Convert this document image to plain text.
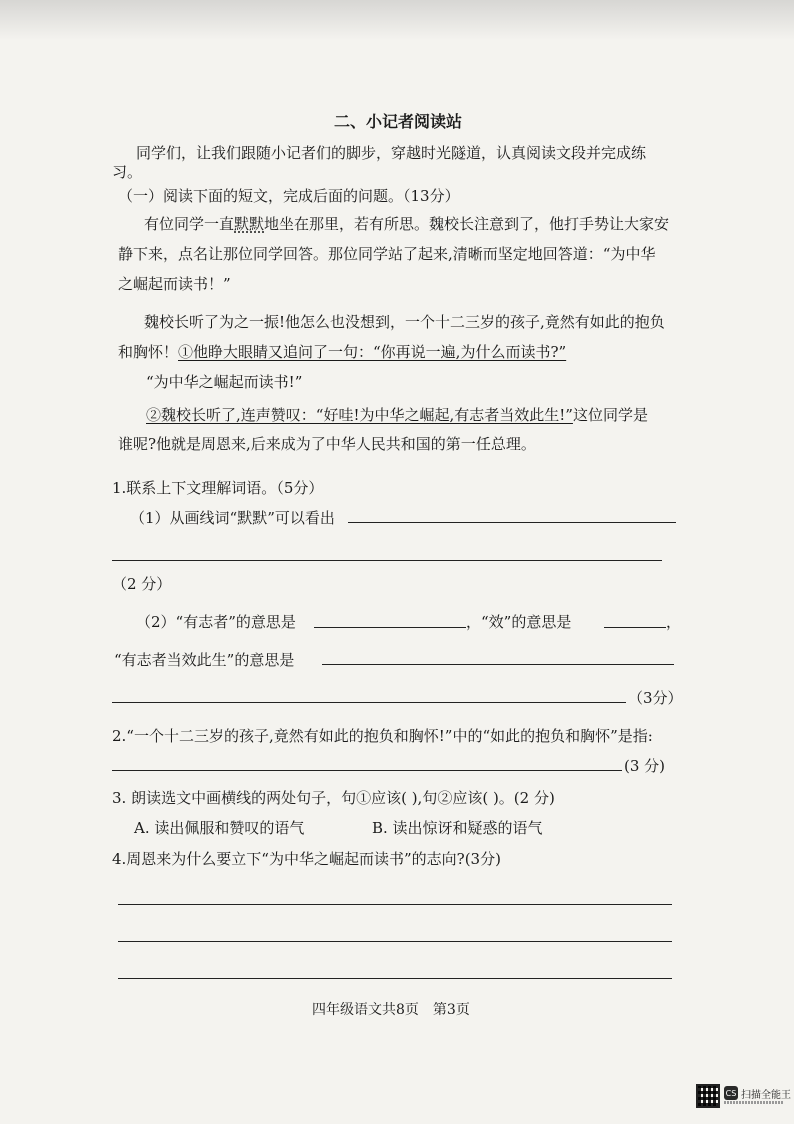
二、小记者阅读站
同学们，让我们跟随小记者们的脚步，穿越时光隧道，认真阅读文段并完成练
习。
（一）阅读下面的短文，完成后面的问题。（13分）
有位同学一直默默地坐在那里，若有所思。魏校长注意到了，他打手势让大家安
静下来，点名让那位同学回答。那位同学站了起来,清晰而坚定地回答道：“为中华
之崛起而读书！”
魏校长听了为之一振!他怎么也没想到，一个十二三岁的孩子,竟然有如此的抱负
和胸怀！①他睁大眼睛又追问了一句：“你再说一遍,为什么而读书?”
“为中华之崛起而读书!”
②魏校长听了,连声赞叹：“好哇!为中华之崛起,有志者当效此生!”这位同学是
谁呢?他就是周恩来,后来成为了中华人民共和国的第一任总理。
1.联系上下文理解词语。（5分）
（1）从画线词“默默”可以看出
（2 分）
（2）“有志者”的意思是	，“效”的意思是	，
“有志者当效此生”的意思是
（3分）
2.“一个十二三岁的孩子,竟然有如此的抱负和胸怀!”中的“如此的抱负和胸怀”是指:
(3 分)
3. 朗读选文中画横线的两处句子，句①应该( ),句②应该( )。(2 分)
A. 读出佩服和赞叹的语气	B. 读出惊讶和疑惑的语气
4.周恩来为什么要立下“为中华之崛起而读书”的志向?(3分)
四年级语文共8页　第3页
CS 扫描全能王
